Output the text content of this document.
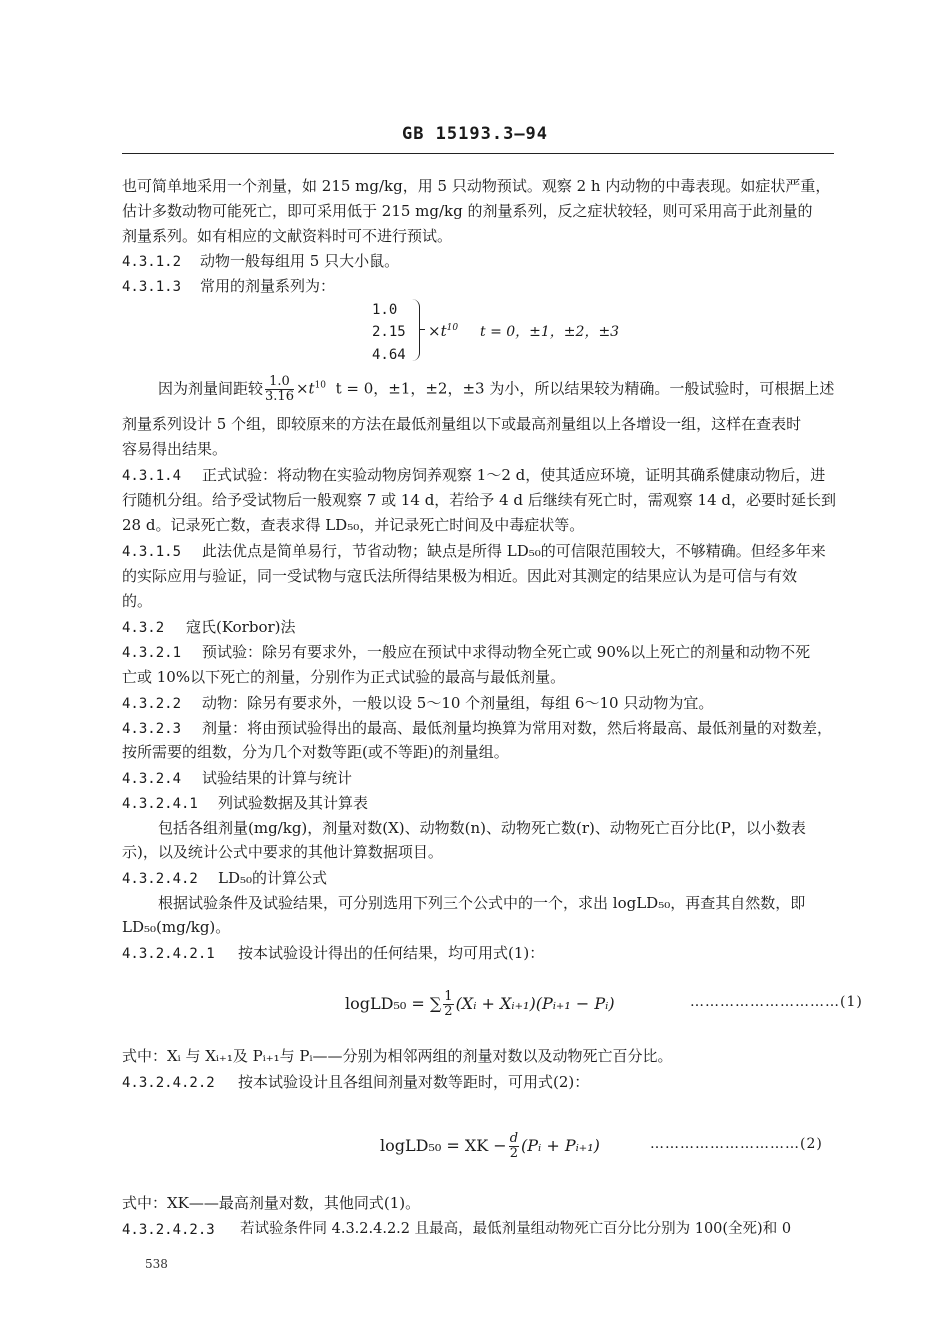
GB 15193.3—94
也可简单地采用一个剂量，如 215 mg/kg，用 5 只动物预试。观察 2 h 内动物的中毒表现。如症状严重，
估计多数动物可能死亡，即可采用低于 215 mg/kg 的剂量系列，反之症状较轻，则可采用高于此剂量的
剂量系列。如有相应的文献资料时可不进行预试。
4.3.1.2 动物一般每组用 5 只大小鼠。
4.3.1.3 常用的剂量系列为：
1.0
2.15
4.64
$\times t^{10}$ t = 0，±1，±2，±3
因为剂量间距较 $\frac{1.0}{3.16} \times t^{10}$ t = 0，±1，±2，±3 为小，所以结果较为精确。一般试验时，可根据上述
剂量系列设计 5 个组，即较原来的方法在最低剂量组以下或最高剂量组以上各增设一组，这样在查表时
容易得出结果。
4.3.1.4 正式试验：将动物在实验动物房饲养观察 1～2 d，使其适应环境，证明其确系健康动物后，进
行随机分组。给予受试物后一般观察 7 或 14 d，若给予 4 d 后继续有死亡时，需观察 14 d，必要时延长到
28 d。记录死亡数，查表求得 LD₅₀，并记录死亡时间及中毒症状等。
4.3.1.5 此法优点是简单易行，节省动物；缺点是所得 LD₅₀的可信限范围较大，不够精确。但经多年来
的实际应用与验证，同一受试物与寇氏法所得结果极为相近。因此对其测定的结果应认为是可信与有效
的。
4.3.2 寇氏(Korbor)法
4.3.2.1 预试验：除另有要求外，一般应在预试中求得动物全死亡或 90%以上死亡的剂量和动物不死
亡或 10%以下死亡的剂量，分别作为正式试验的最高与最低剂量。
4.3.2.2 动物：除另有要求外，一般以设 5～10 个剂量组，每组 6～10 只动物为宜。
4.3.2.3 剂量：将由预试验得出的最高、最低剂量均换算为常用对数，然后将最高、最低剂量的对数差，
按所需要的组数，分为几个对数等距(或不等距)的剂量组。
4.3.2.4 试验结果的计算与统计
4.3.2.4.1 列试验数据及其计算表
包括各组剂量(mg/kg)，剂量对数(X)、动物数(n)、动物死亡数(r)、动物死亡百分比(P，以小数表
示)，以及统计公式中要求的其他计算数据项目。
4.3.2.4.2 LD₅₀的计算公式
根据试验条件及试验结果，可分别选用下列三个公式中的一个，求出 logLD₅₀，再查其自然数，即
LD₅₀(mg/kg)。
4.3.2.4.2.1 按本试验设计得出的任何结果，均可用式(1)：
logLD₅₀ = ∑ $\frac{1}{2}$ (Xᵢ + Xᵢ₊₁)(Pᵢ₊₁ − Pᵢ)	…………………………(1)
式中：Xᵢ 与 Xᵢ₊₁及 Pᵢ₊₁与 Pᵢ——分别为相邻两组的剂量对数以及动物死亡百分比。
4.3.2.4.2.2 按本试验设计且各组间剂量对数等距时，可用式(2)：
logLD₅₀ = XK − $\frac{d}{2}$ (Pᵢ + Pᵢ₊₁)	…………………………(2)
式中：XK——最高剂量对数，其他同式(1)。
4.3.2.4.2.3 若试验条件同 4.3.2.4.2.2 且最高，最低剂量组动物死亡百分比分别为 100(全死)和 0
538
